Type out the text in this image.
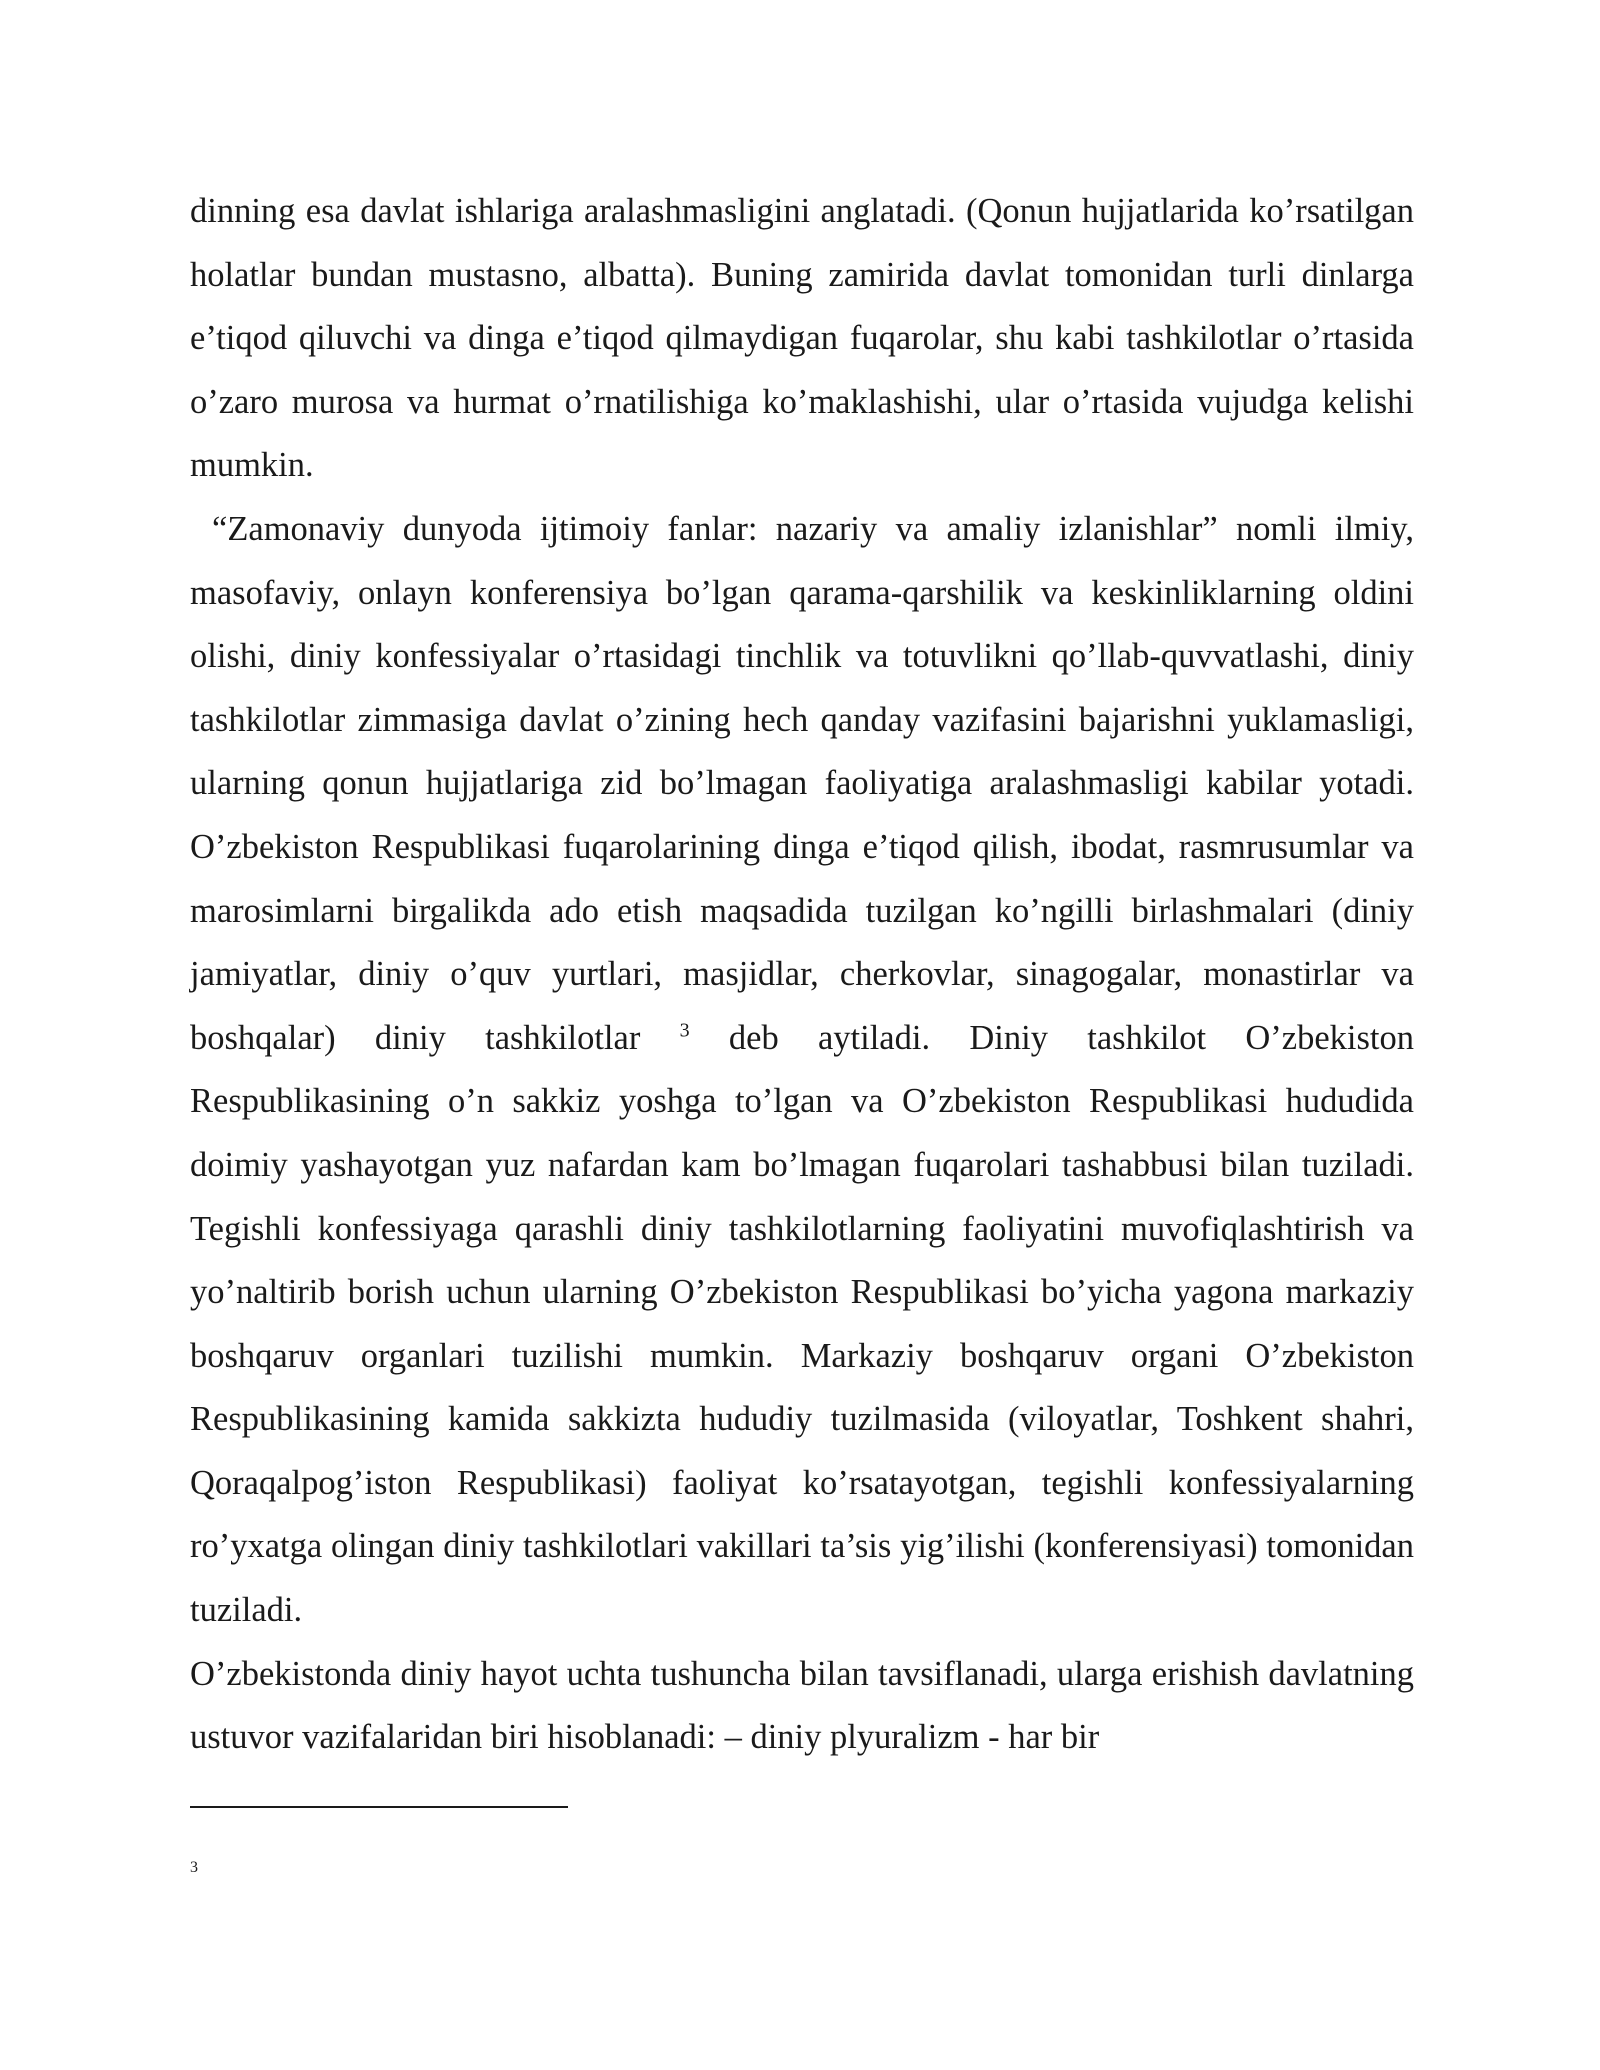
dinning esa davlat ishlariga aralashmasligini anglatadi. (Qonun hujjatlarida ko’rsatilgan holatlar bundan mustasno, albatta). Buning zamirida davlat tomonidan turli dinlarga e’tiqod qiluvchi va dinga e’tiqod qilmaydigan fuqarolar, shu kabi tashkilotlar o’rtasida o’zaro murosa va hurmat o’rnatilishiga ko’maklashishi, ular o’rtasida vujudga kelishi mumkin.

“Zamonaviy dunyoda ijtimoiy fanlar: nazariy va amaliy izlanishlar” nomli ilmiy, masofaviy, onlayn konferensiya bo’lgan qarama-qarshilik va keskinliklarning oldini olishi, diniy konfessiyalar o’rtasidagi tinchlik va totuvlikni qo’llab-quvvatlashi, diniy tashkilotlar zimmasiga davlat o’zining hech qanday vazifasini bajarishni yuklamasligi, ularning qonun hujjatlariga zid bo’lmagan faoliyatiga aralashmasligi kabilar yotadi. O’zbekiston Respublikasi fuqarolarining dinga e’tiqod qilish, ibodat, rasmrusumlar va marosimlarni birgalikda ado etish maqsadida tuzilgan ko’ngilli birlashmalari (diniy jamiyatlar, diniy o’quv yurtlari, masjidlar, cherkovlar, sinagogalar, monastirlar va boshqalar) diniy tashkilotlar $^3$ deb aytiladi. Diniy tashkilot O’zbekiston Respublikasining o’n sakkiz yoshga to’lgan va O’zbekiston Respublikasi hududida doimiy yashayotgan yuz nafardan kam bo’lmagan fuqarolari tashabbusi bilan tuziladi. Tegishli konfessiyaga qarashli diniy tashkilotlarning faoliyatini muvofiqlashtirish va yo’naltirib borish uchun ularning O’zbekiston Respublikasi bo’yicha yagona markaziy boshqaruv organlari tuzilishi mumkin. Markaziy boshqaruv organi O’zbekiston Respublikasining kamida sakkizta hududiy tuzilmasida (viloyatlar, Toshkent shahri, Qoraqalpog’iston Respublikasi) faoliyat ko’rsatayotgan, tegishli konfessiyalarning ro’yxatga olingan diniy tashkilotlari vakillari ta’sis yig’ilishi (konferensiyasi) tomonidan tuziladi.

O’zbekistonda diniy hayot uchta tushuncha bilan tavsiflanadi, ularga erishish davlatning ustuvor vazifalaridan biri hisoblanadi: – diniy plyuralizm - har bir

3
